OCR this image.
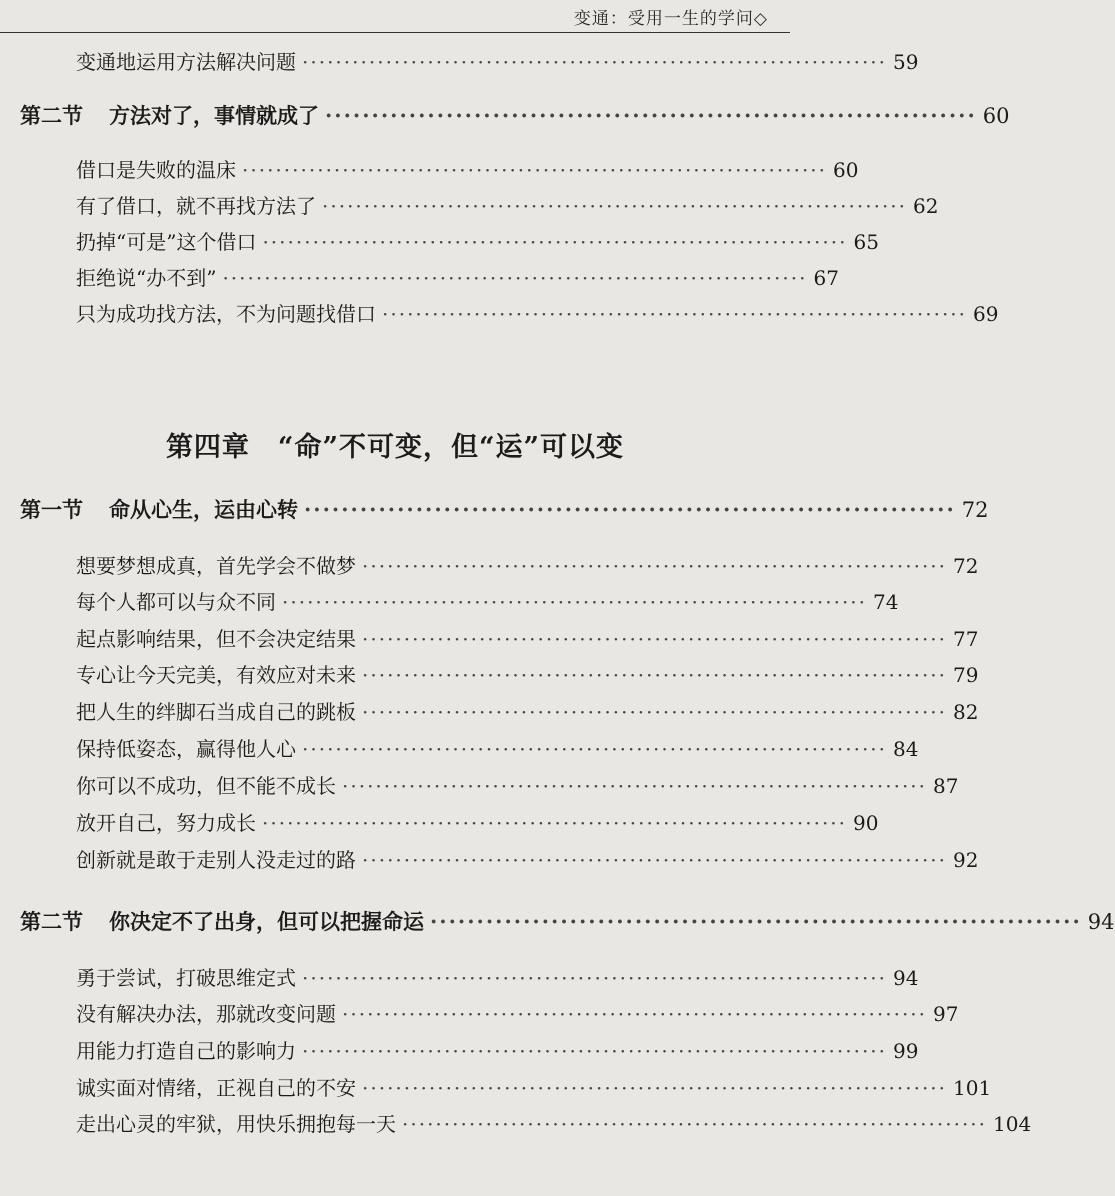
变通：受用一生的学问◇
变通地运用方法解决问题 ······································································ 59
第二节 方法对了，事情就成了 ······································································ 60
借口是失败的温床 ······································································ 60
有了借口，就不再找方法了 ······································································ 62
扔掉“可是”这个借口 ······································································ 65
拒绝说“办不到” ······································································ 67
只为成功找方法，不为问题找借口 ······································································ 69
第四章　“命”不可变，但“运”可以变
第一节 命从心生，运由心转 ······································································ 72
想要梦想成真，首先学会不做梦 ······································································ 72
每个人都可以与众不同 ······································································ 74
起点影响结果，但不会决定结果 ······································································ 77
专心让今天完美，有效应对未来 ······································································ 79
把人生的绊脚石当成自己的跳板 ······································································ 82
保持低姿态，赢得他人心 ······································································ 84
你可以不成功，但不能不成长 ······································································ 87
放开自己，努力成长 ······································································ 90
创新就是敢于走别人没走过的路 ······································································ 92
第二节 你决定不了出身，但可以把握命运 ······································································ 94
勇于尝试，打破思维定式 ······································································ 94
没有解决办法，那就改变问题 ······································································ 97
用能力打造自己的影响力 ······································································ 99
诚实面对情绪，正视自己的不安 ······································································ 101
走出心灵的牢狱，用快乐拥抱每一天 ······································································ 104
